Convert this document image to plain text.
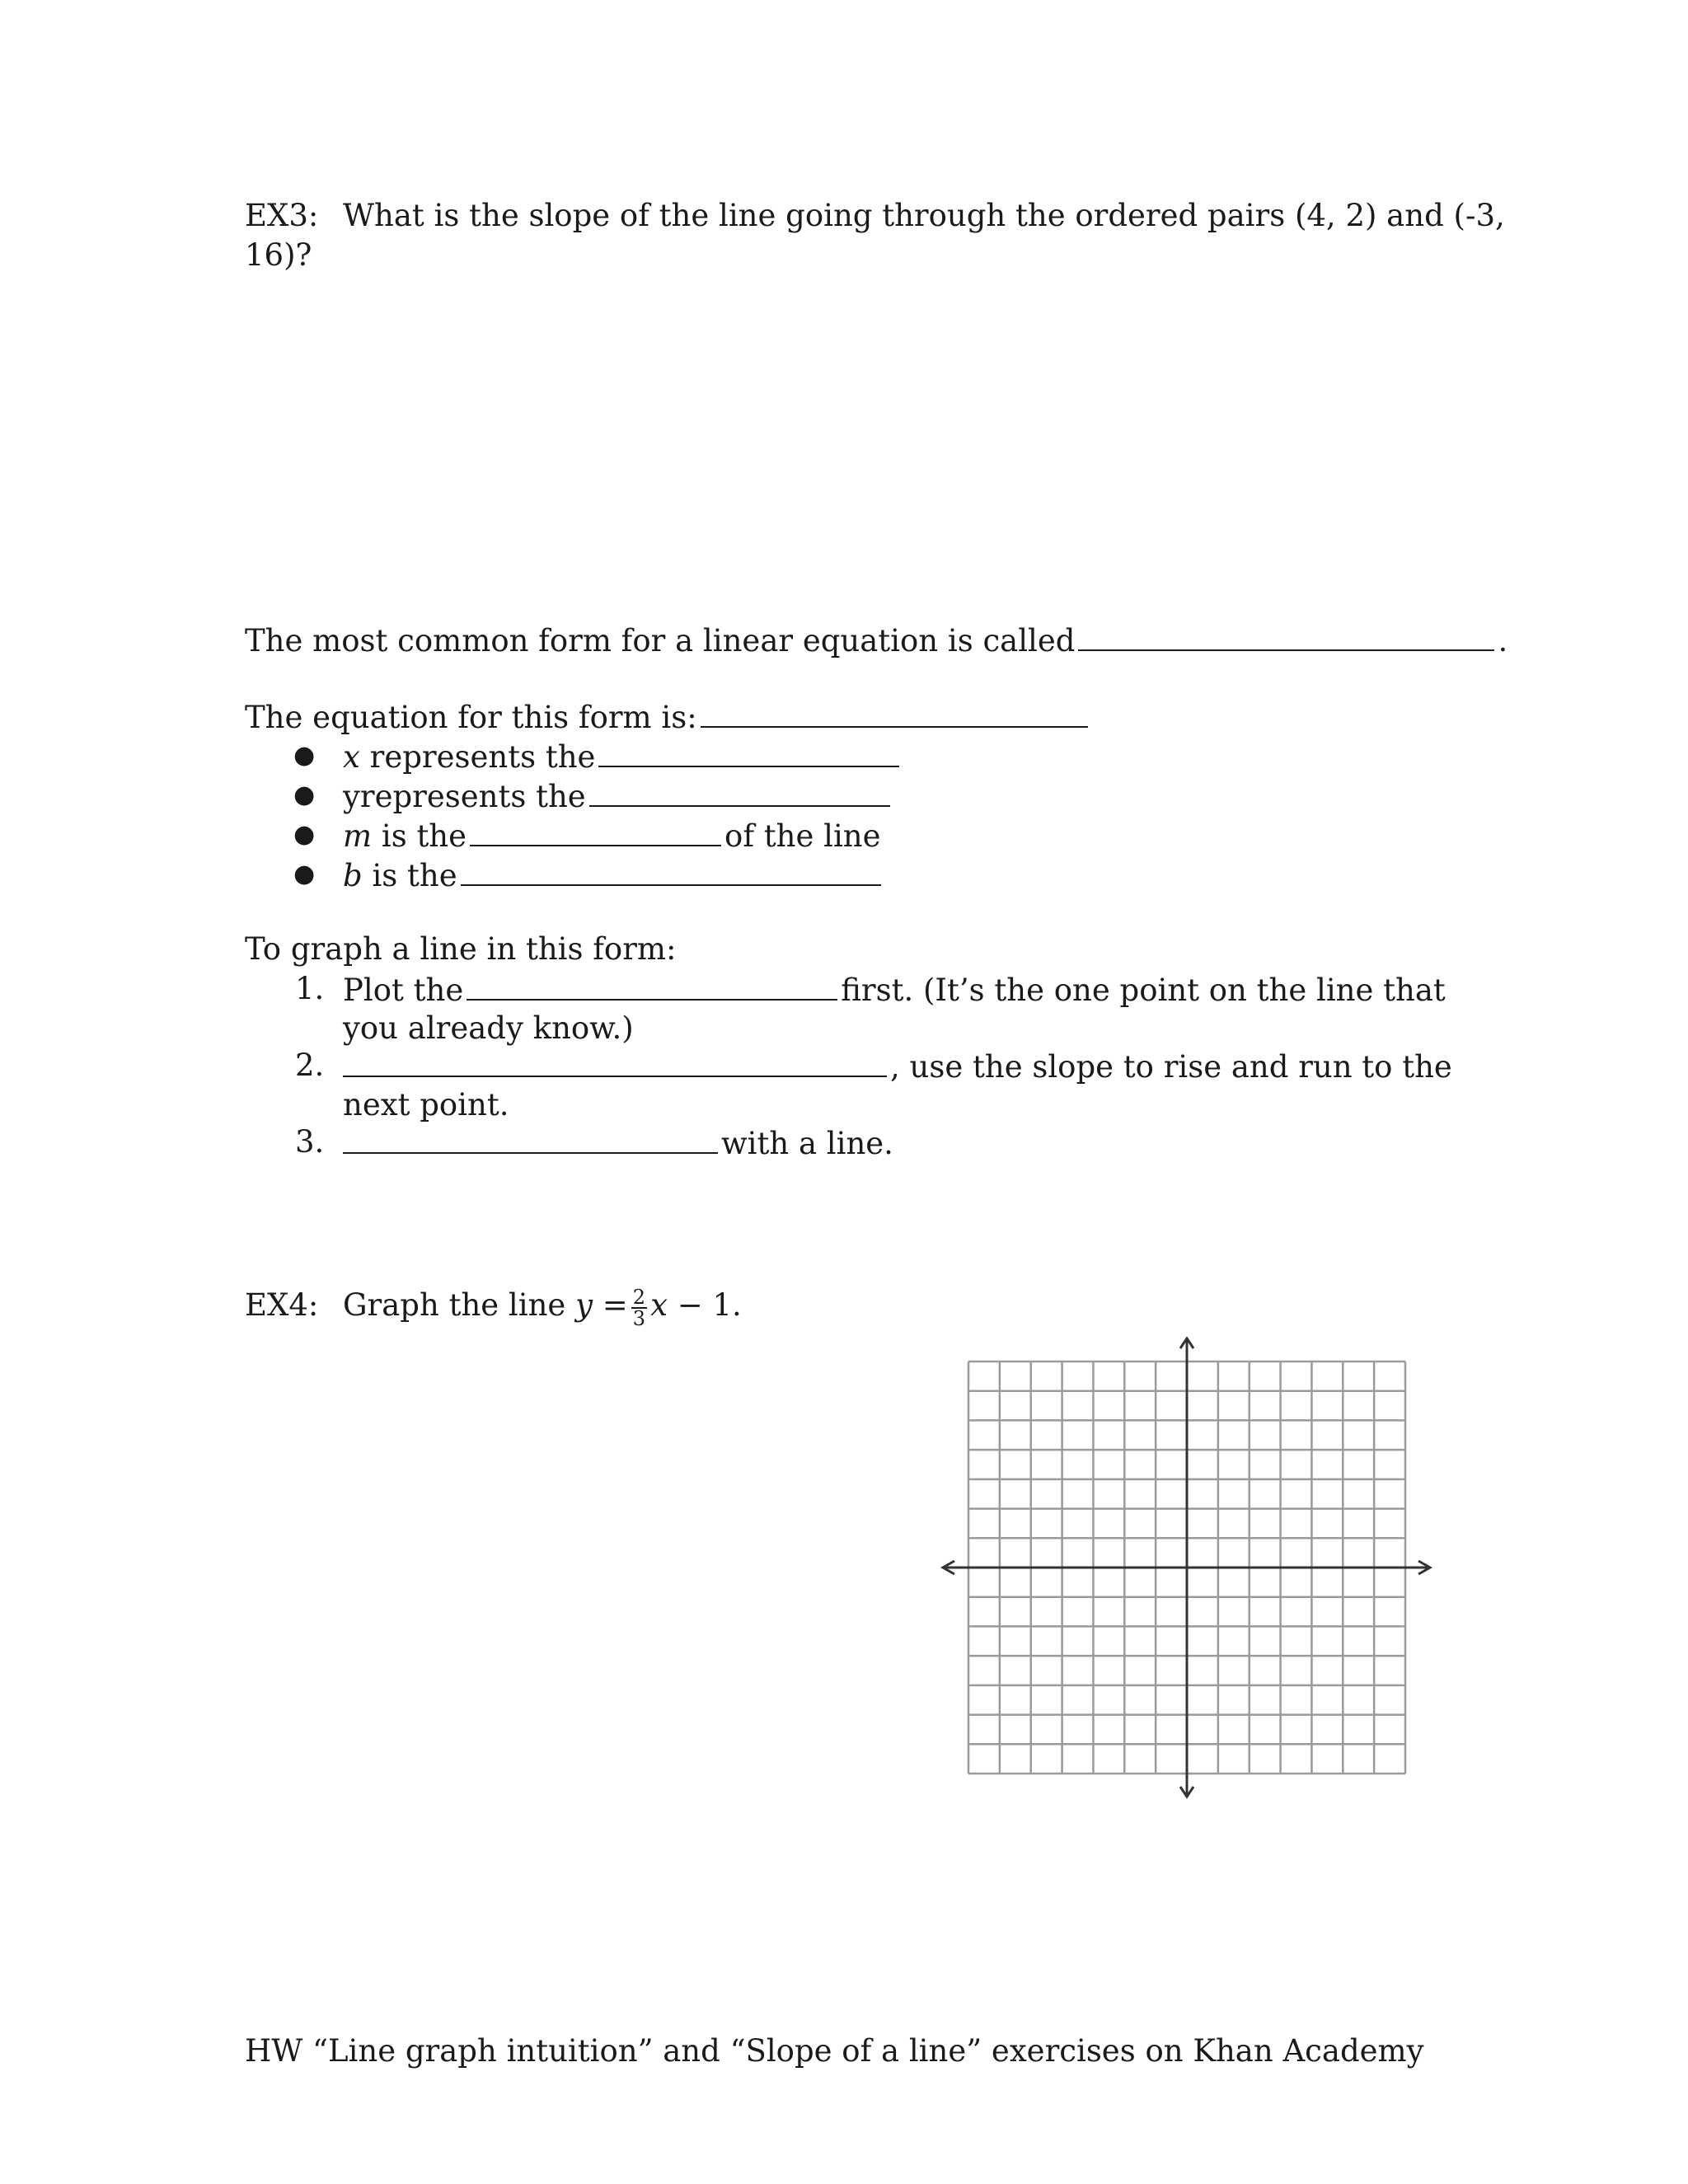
EX3: What is the slope of the line going through the ordered pairs (4, 2) and (-3,
16)?
The most common form for a linear equation is called	.
The equation for this form is:
● x represents the
● yrepresents the
● m is the	of the line
● b is the
To graph a line in this form:
1. Plot the	first. (It’s the one point on the line that
you already know.)
2.	, use the slope to rise and run to the
next point.
3.	with a line.
EX4: Graph the line $y = \frac{2}{3}$ x − 1.
HW “Line graph intuition” and “Slope of a line” exercises on Khan Academy
